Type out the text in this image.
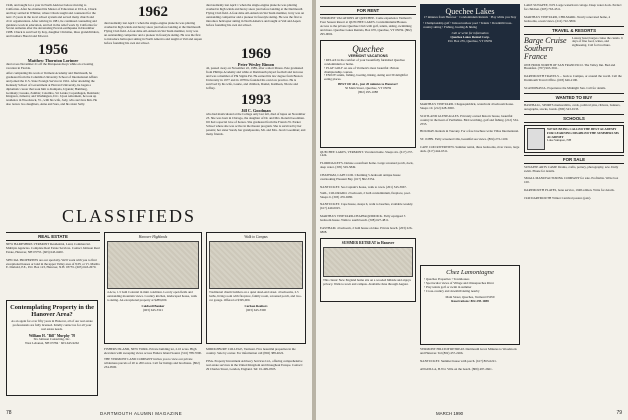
1946, and taught for a year in North Andover before moving to California. After he obtained his Master of Education at UCLA, Chuck and Kay settled in Whittier, where Chuck taught and counseled for the next 15 years in the local school system and served many church and civic organizations. After retiring in 1981, he continued counseling and guidance work in education, and led in the relief work by California for Soviet Armenia after the devastating Erevan earthquake in December 1988. Chuck is survived by Kay, daughter Christine, three grandchildren, and brothers Harold and Edward.

1956
Matthew Thornton Lorimer

died at sea November 21 off the Marquesas Keys while on a boating vacation in Florida.

After completing his work at Vermont Academy and Dartmouth, he graduated from the Columbia University School of International Affairs and joined the U.S. State Foreign Service in 1961. After attending the Kennedy School of Government at Harvard University, he began a diplomatic career that took him to Kampala, Uganda; Hamburg, Germany; Lusaka, Zambia; Colombo, Sri Lanka; Copenhagen, Denmark; Kingston, Jamaica; and Washington, D.C. Upon retirement, he took up residence in Woodstock, Vt., with his wife, Jody, who survives him. He also leaves two daughters, Anne and Sara, and his sister Sally.

Contemplating Property in the Hanover Area?

As an agent for over fifty years in Hanover, all of our real estate professionals are fully licensed. Kindly contact us for all your real estate needs.

William H. "Bill" Murphy '70
Six Johnson Consulting, Inc.
West Lebanon, NH 03784 · 603-643-9262
1962

died suddenly last April 1 when the single-engine plane he was piloting crashed in high winds and heavy snow just before landing at the Dartmouth Flying Club field. A four-time All-American Ski Team member, Jerry was an outstanding competitor and a pioneer in freestyle skiing. He was the first to introduce helicopter skiing in North America and taught at Vail and Aspen before founding his own ski school.

died suddenly last April 1 when the single-engine plane he was piloting crashed in high winds and heavy snow just before landing at the Dartmouth Flying Club field. A four-time All-American Ski Team member, Jerry was an outstanding competitor and a pioneer in freestyle skiing. He was the first to introduce helicopter skiing in North America and taught at Vail and Aspen before founding his own ski school.

1969
Peter Wesley Rimon

42, passed away on November 22, 1989, after a short illness. Pete graduated from Phillips Academy and while at Dartmouth played football and lacrosse and was a member of Phi Sigma Psi. He earned his law degree from Boston University in 1977 and in 1978 he founded his own law practice. He is survived by his wife, Laurie, and children, Daniel, Kathleen, Nicole and Jeffrey.

1993
Jill C. Goodman

who had matriculated at the College only last fall, died of lupus on November 23. She was born in Chicago, the daughter of Dr. and Mrs. Ronald Goodman. Jill had a special love of horses. She graduated from the Francis W. Parker School where she was active in the theater program. She is survived by her parents; her sister Sarah, her grandparents, Mr. and Mrs. Jacob Goodman; and many friends.

CLASSIFIEDS
REAL ESTATE

NEW HAMPSHIRE-VERMONT Residential, Land, Commercial. Multiple Agencies. Complete Real Estate Services. Contact Johnson Real Estate, Hanover, NH 03755. (603) 643-6400.

SPECIAL PROPERTIES are our specialty. We'll work with you to find exceptional houses or land in the upper Valley area of N.H. or Vt. Martha E. Diebold, P.E., P.O. Box 123, Hanover, N.H. 03755. (603) 643-2670.

Hanover Highlands

4 Acre, 1.5 bath Colonial in mint condition. Lovely open fields and outstanding mountain views. Country kitchen, landscaped house, walk to skiing. An exceptional property at $289,000.

Coldwell Banker
(603) 643-3321
Walk to Campus

Traditional charm builders on a quiet dead-end street. 4 bedrooms, 2.5 baths, living room with fireplace, family room, screened porch, and two-car garage. Offered at $395,000.

Carlson Realtors
(603) 643-3300

FISHERS ISLAND, NEW YORK. Private building lot, 2.10 acres. High elevation with sweeping views across Fishers Island Sound. (516) 788-7000.

THE VERMONT LAND COMPANY invites you to view our private wilderness parcels of 20 to 200 acres. Call for listings and brochures. (802) 234-9500.

MIDDLEBURY COLLEGE, Vermont. Five beautiful properties in the country. Sale by owner. For information call (802) 388-4022.

PISA. Property Investment Advisory Services Ltd., offering comprehensive real estate services in the United Kingdom and throughout Europe. Contact: 29 Charles Street, London, England. Tel: 01-499-0505.

78	DARTMOUTH ALUMNI MAGAZINE
FOR RENT

VERMONT VACATIONS AT QUECHEE. Come experience Vermont's Four Season Resort at QUECHEE LAKES. Condominiums/Houses. Access to the private Quechee Club with golf, tennis, skiing, swimming and more. Quechee Lakes Rentals, Box 670, Quechee, VT 05059. (802) 295-9002.

Quechee
VERMONT VACATIONS

• RELAX in the comfort of your beautifully furnished Quechee condominium or home.
• PLAY GOLF on one of Vermont's most beautiful 18-hole championship courses.
• ENJOY tennis, fishing, boating, hiking, skiing and 39 delightful eating places.

BEST OF ALL, just 20 minutes to Hanover!
50 Main Street, Quechee, VT 05059
(802) 295-1088

QUECHEE LAKES, VERMONT. Vacation home. Sleeps six. (617) 237-1424.

FLORIDA KEYS. Deluxe oceanfront home. Large screened porch, dock, deep water. (305) 529-5849.

CHATHAM, CAPE COD. Charming 5-bedroom antique house overlooking Pleasant Bay. (617) 862-3354.

NANTUCKET. Sea Captain's house, walk to town. (201) 543-3967.

VAIL, COLORADO. 2 bedroom, 2 bath condominium, fireplace, pool. Sleeps 6. (303) 476-9280.

NANTUCKET. Cape house, sleeps 6, walk to beaches, available weekly. (617) 449-0025.

MARTHA'S VINEYARD-CHAPPAQUIDDICK. Fully equipped 3 bedroom house. Walk to south beach. (508) 627-4811.

EASTHAM. 4 bedroom, 2 bath house on lake. Private beach. (203) 226-6808.

SUMMER RETREAT in Hanover

This classic New England home sits on a wooded hillside and enjoys privacy. Walk to town and campus. Available June through August.

Quechee Lakes
17 minutes from Hanover · Condominium Rentals · Play while you Stay

• Championship golf • Indoor/outdoor pool • Tennis • Downhill/cross-country skiing • Fishing, boating & hiking

Call or write for information
Quechee Lakes Rental Corp.
P.O. Box 255, Quechee, VT 05059

MARTHA'S VINEYARD. Chappaquiddick, waterfront 4 bedroom house. Sleeps 10. (212) 628-3000.

SCOTLAND GLENEAGLES. Privately owned historic house, beautiful country in the heart of Perthshire. Bird watching, golf and fishing. (212) 534-2555.

HOLIDAY. Rentals in Tuscany. For a free brochure write Villas International.

ST. JOHN. Fully screened villa, beautiful sea views. (804) 272-1100.

CAPE COD RIVERVIEW. Summer rental, three bedrooms, river views, large deck. (617) 444-6311.

Chez Lamontagne

• Quechee Properties • Townhouses
• Spectacular views of Village and Ottauquechee River
• Play tennis golf or swim in summer
• Cross-country and downhill skiing nearby

Main Street, Quechee, Vermont 05059
Reservations: 802-295-1088

VERMONT HILLTOP RETREAT. Dartmouth Grad. Minutes to Woodstock and Hanover. Tel (802) 457-2266.

NANTUCKET. Summer house with porch. (617) 863-6221.

ANGUILLA, B.W.I. Villa on the beach. (809) 497-2661.

LAKE SUNAPEE, N.H. Large waterfront cottage. Deep water dock. Perfect for children. (603) 763-4511.

MARTHA'S VINEYARD, CHILMARK. Newly renovated home, 4 bedrooms, ocean views. (212) 722-5800.

TRAVEL & RESORTS
Barge Cruise Southern France

Luxury hotel barges cruise the canals. 6 days of fine food, wines, and sightseeing. Call for brochure.

ONE HOUR NORTH OF SAN FRANCISCO. The Valley Inn. Bed and Breakfast. (707) 963-3911.

DARTMOUTH TRAVELS ... back to Campus, or around the world. Call the Dartmouth Travel Office. (603) 646-2190.

SCANDINAVIA. Experience the Midnight Sun. Call for details.

WANTED TO BUY

BASEBALL, SPORTS memorabilia, cards, political pins, ribbons, banners, autographs, stocks, bonds. (800) 543-9133.

SCHOOLS
WE'RE BEING CALLED THE BEST ACADEMY FOR LEARNING DISABLED THE SUMMERS MS ACADEMY
Lake Sunapee, NH
FOR SALE

SUNAPEE ARTS CAMP. Drama, crafts, pottery, photography, sew. Daily swim. Phone for details.

SMALL MANUFACTURING COMPANY for sale. Profitable. Write box 100.

DARTMOUTH PLATES, bone service, 1948 edition. Write for details.

1940 DARTMOUTH Winter Carnival posters (pair).

MARCH 1990	79
